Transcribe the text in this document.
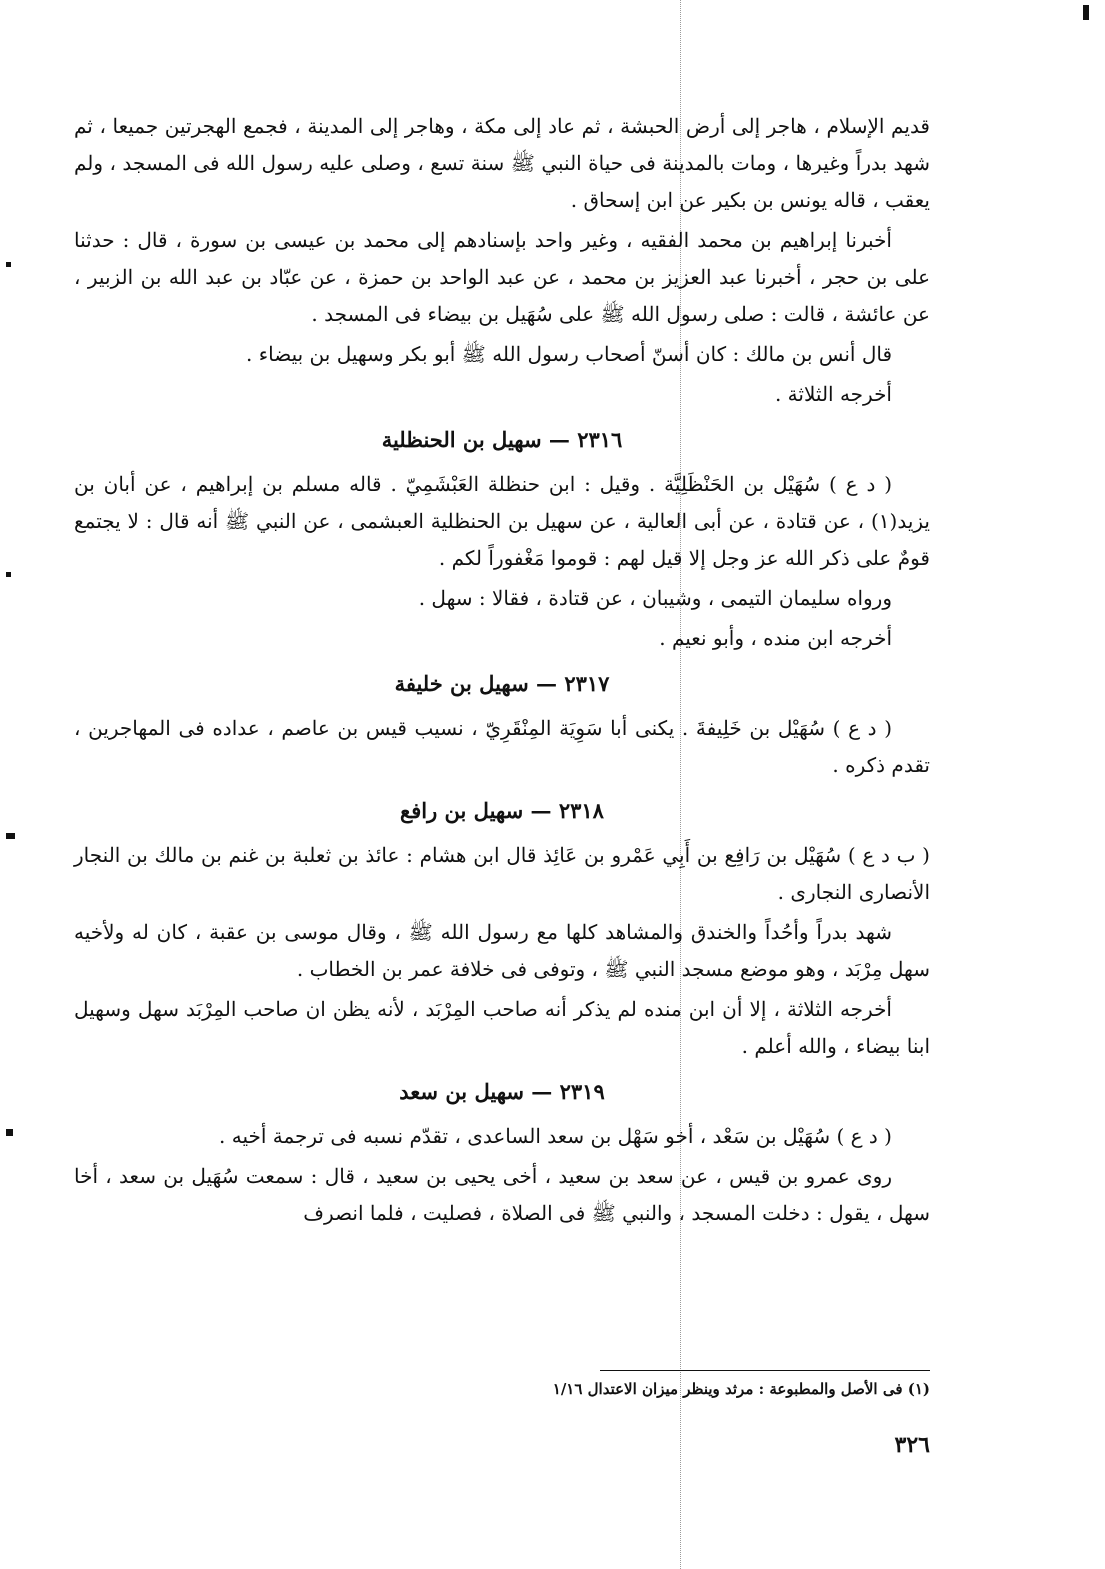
قديم الإسلام ، هاجر إلى أرض الحبشة ، ثم عاد إلى مكة ، وهاجر إلى المدينة ، فجمع الهجرتين جميعا ، ثم شهد بدراً وغيرها ، ومات بالمدينة فى حياة النبي ﷺ سنة تسع ، وصلى عليه رسول الله فى المسجد ، ولم يعقب ، قاله يونس بن بكير عن ابن إسحاق .

أخبرنا إبراهيم بن محمد الفقيه ، وغير واحد بإسنادهم إلى محمد بن عيسى بن سورة ، قال : حدثنا على بن حجر ، أخبرنا عبد العزيز بن محمد ، عن عبد الواحد بن حمزة ، عن عبّاد بن عبد الله بن الزبير ، عن عائشة ، قالت : صلى رسول الله ﷺ على سُهَيل بن بيضاء فى المسجد .

قال أنس بن مالك : كان أسنّ أصحاب رسول الله ﷺ أبو بكر وسهيل بن بيضاء .

أخرجه الثلاثة .

٢٣١٦ — سهيل بن الحنظلية

( د ع ) سُهَيْل بن الحَنْظَلِيَّة . وقيل : ابن حنظلة العَبْشَمِيّ . قاله مسلم بن إبراهيم ، عن أبان بن يزيد(١) ، عن قتادة ، عن أبى العالية ، عن سهيل بن الحنظلية العبشمى ، عن النبي ﷺ أنه قال : لا يجتمع قومٌ على ذكر الله عز وجل إلا قيل لهم : قوموا مَغْفوراً لكم .

ورواه سليمان التيمى ، وشيبان ، عن قتادة ، فقالا : سهل .

أخرجه ابن منده ، وأبو نعيم .

٢٣١٧ — سهيل بن خليفة

( د ع ) سُهَيْل بن خَلِيفةَ . يكنى أبا سَوِيَة المِنْقَرِيّ ، نسيب قيس بن عاصم ، عداده فى المهاجرين ، تقدم ذكره .

٢٣١٨ — سهيل بن رافع

( ب د ع ) سُهَيْل بن رَافِع بن أَبِي عَمْرو بن عَائِذ قال ابن هشام : عائذ بن ثعلبة بن غنم بن مالك بن النجار الأنصارى النجارى .

شهد بدراً وأحُداً والخندق والمشاهد كلها مع رسول الله ﷺ ، وقال موسى بن عقبة ، كان له ولأخيه سهل مِرْبَد ، وهو موضع مسجد النبي ﷺ ، وتوفى فى خلافة عمر بن الخطاب .

أخرجه الثلاثة ، إلا أن ابن منده لم يذكر أنه صاحب المِرْبَد ، لأنه يظن ان صاحب المِرْبَد سهل وسهيل ابنا بيضاء ، والله أعلم .

٢٣١٩ — سهيل بن سعد

( د ع ) سُهَيْل بن سَعْد ، أخو سَهْل بن سعد الساعدى ، تقدّم نسبه فى ترجمة أخيه .

روى عمرو بن قيس ، عن سعد بن سعيد ، أخى يحيى بن سعيد ، قال : سمعت سُهَيل بن سعد ، أخا سهل ، يقول : دخلت المسجد ، والنبي ﷺ فى الصلاة ، فصليت ، فلما انصرف

(١) فى الأصل والمطبوعة : مرثد وينظر ميزان الاعتدال ١/١٦
٣٢٦
